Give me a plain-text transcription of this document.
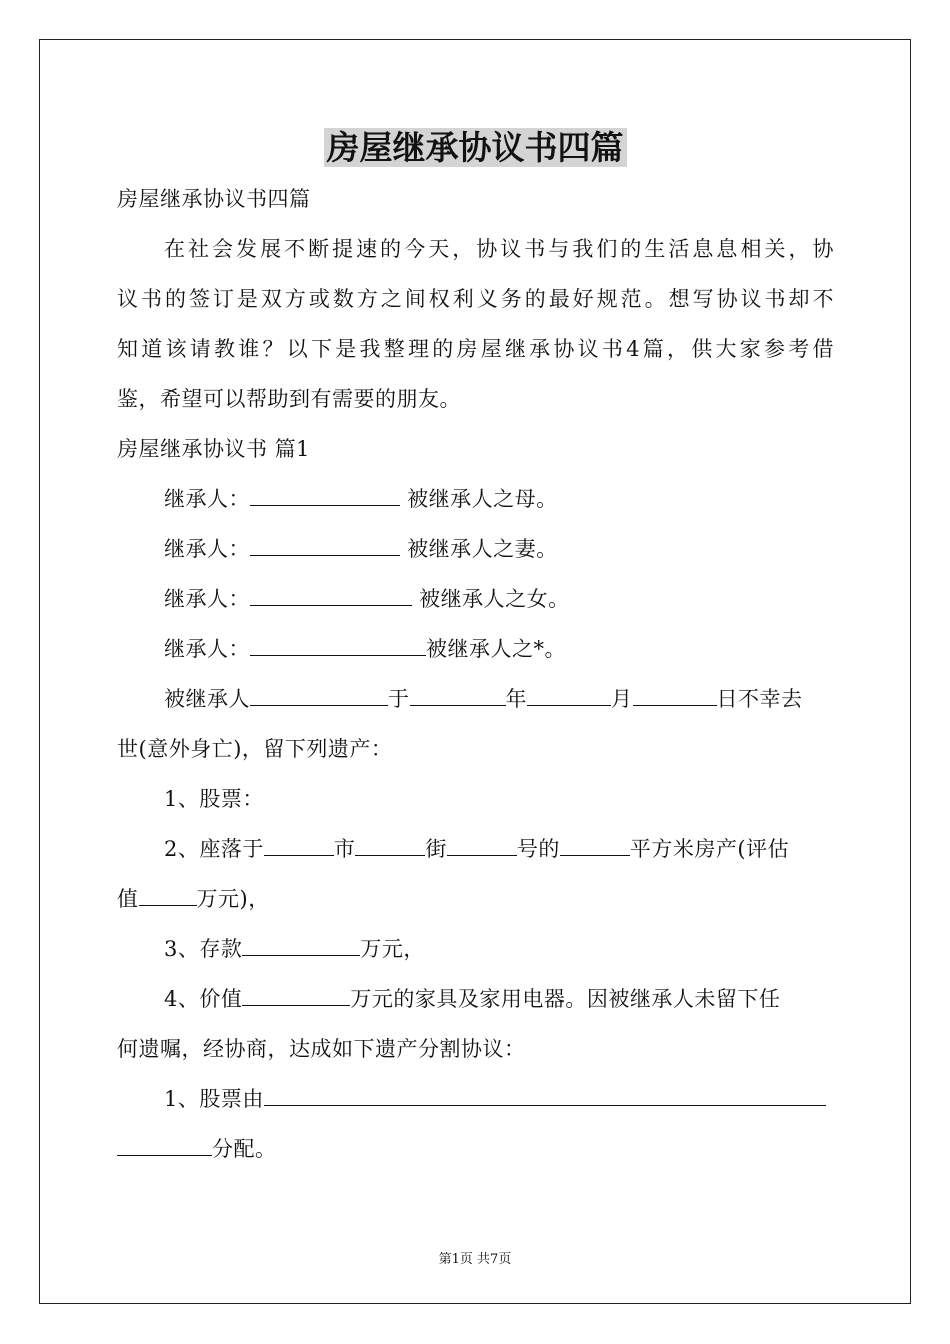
房屋继承协议书四篇
房屋继承协议书四篇
在社会发展不断提速的今天，协议书与我们的生活息息相关，协
议书的签订是双方或数方之间权利义务的最好规范。想写协议书却不
知道该请教谁？以下是我整理的房屋继承协议书4篇，供大家参考借
鉴，希望可以帮助到有需要的朋友。
房屋继承协议书 篇1
继承人：	被继承人之母。
继承人：	被继承人之妻。
继承人：	被继承人之女。
继承人：	被继承人之*。
被继承人	于	年	月	日不幸去
世(意外身亡)，留下列遗产：
1、股票：
2、座落于	市	街	号的	平方米房产(评估
值	万元)，
3、存款	万元，
4、价值	万元的家具及家用电器。因被继承人未留下任
何遗嘱，经协商，达成如下遗产分割协议：
1、股票由
分配。
第1页 共7页
